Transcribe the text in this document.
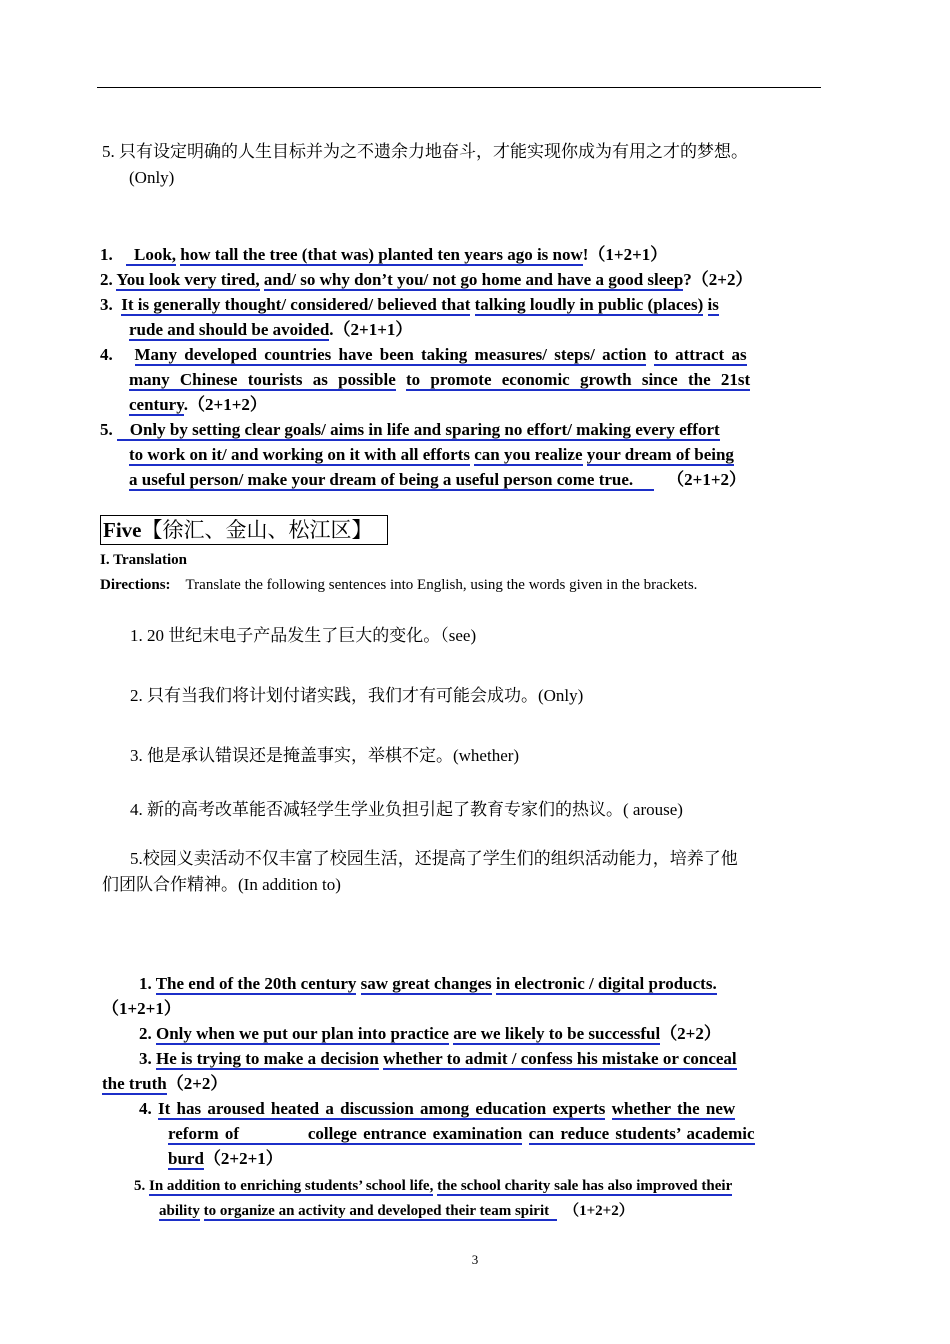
5. 只有设定明确的人生目标并为之不遗余力地奋斗，才能实现你成为有用之才的梦想。
(Only)
1. Look, how tall the tree (that was) planted ten years ago is now!（1+2+1）
2. You look very tired, and/ so why don’t you/ not go home and have a good sleep?（2+2）
3. It is generally thought/ considered/ believed that talking loudly in public (places) is
rude and should be avoided.（2+1+1）
4. Many developed countries have been taking measures/ steps/ action to attract as
many Chinese tourists as possible to promote economic growth since the 21st
century.（2+1+2）
5. Only by setting clear goals/ aims in life and sparing no effort/ making every effort
to work on it/ and working on it with all efforts can you realize your dream of being
a useful person/ make your dream of being a useful person come true. （2+1+2）
Five【徐汇、金山、松江区】
I. Translation
Directions: Translate the following sentences into English, using the words given in the brackets.
1. 20 世纪末电子产品发生了巨大的变化。（see)
2. 只有当我们将计划付诸实践，我们才有可能会成功。(Only)
3. 他是承认错误还是掩盖事实，举棋不定。(whether)
4. 新的高考改革能否减轻学生学业负担引起了教育专家们的热议。( arouse)
5.校园义卖活动不仅丰富了校园生活，还提高了学生们的组织活动能力，培养了他
们团队合作精神。(In addition to)
1. The end of the 20th century saw great changes in electronic / digital products.
（1+2+1）
2. Only when we put our plan into practice are we likely to be successful（2+2）
3. He is trying to make a decision whether to admit / confess his mistake or conceal
the truth（2+2）
4. It has aroused heated a discussion among education experts whether the new
reform of	college entrance examination can reduce students’ academic
burd（2+2+1）
5. In addition to enriching students’ school life, the school charity sale has also improved their
ability to organize an activity and developed their team spirit （1+2+2）
3
